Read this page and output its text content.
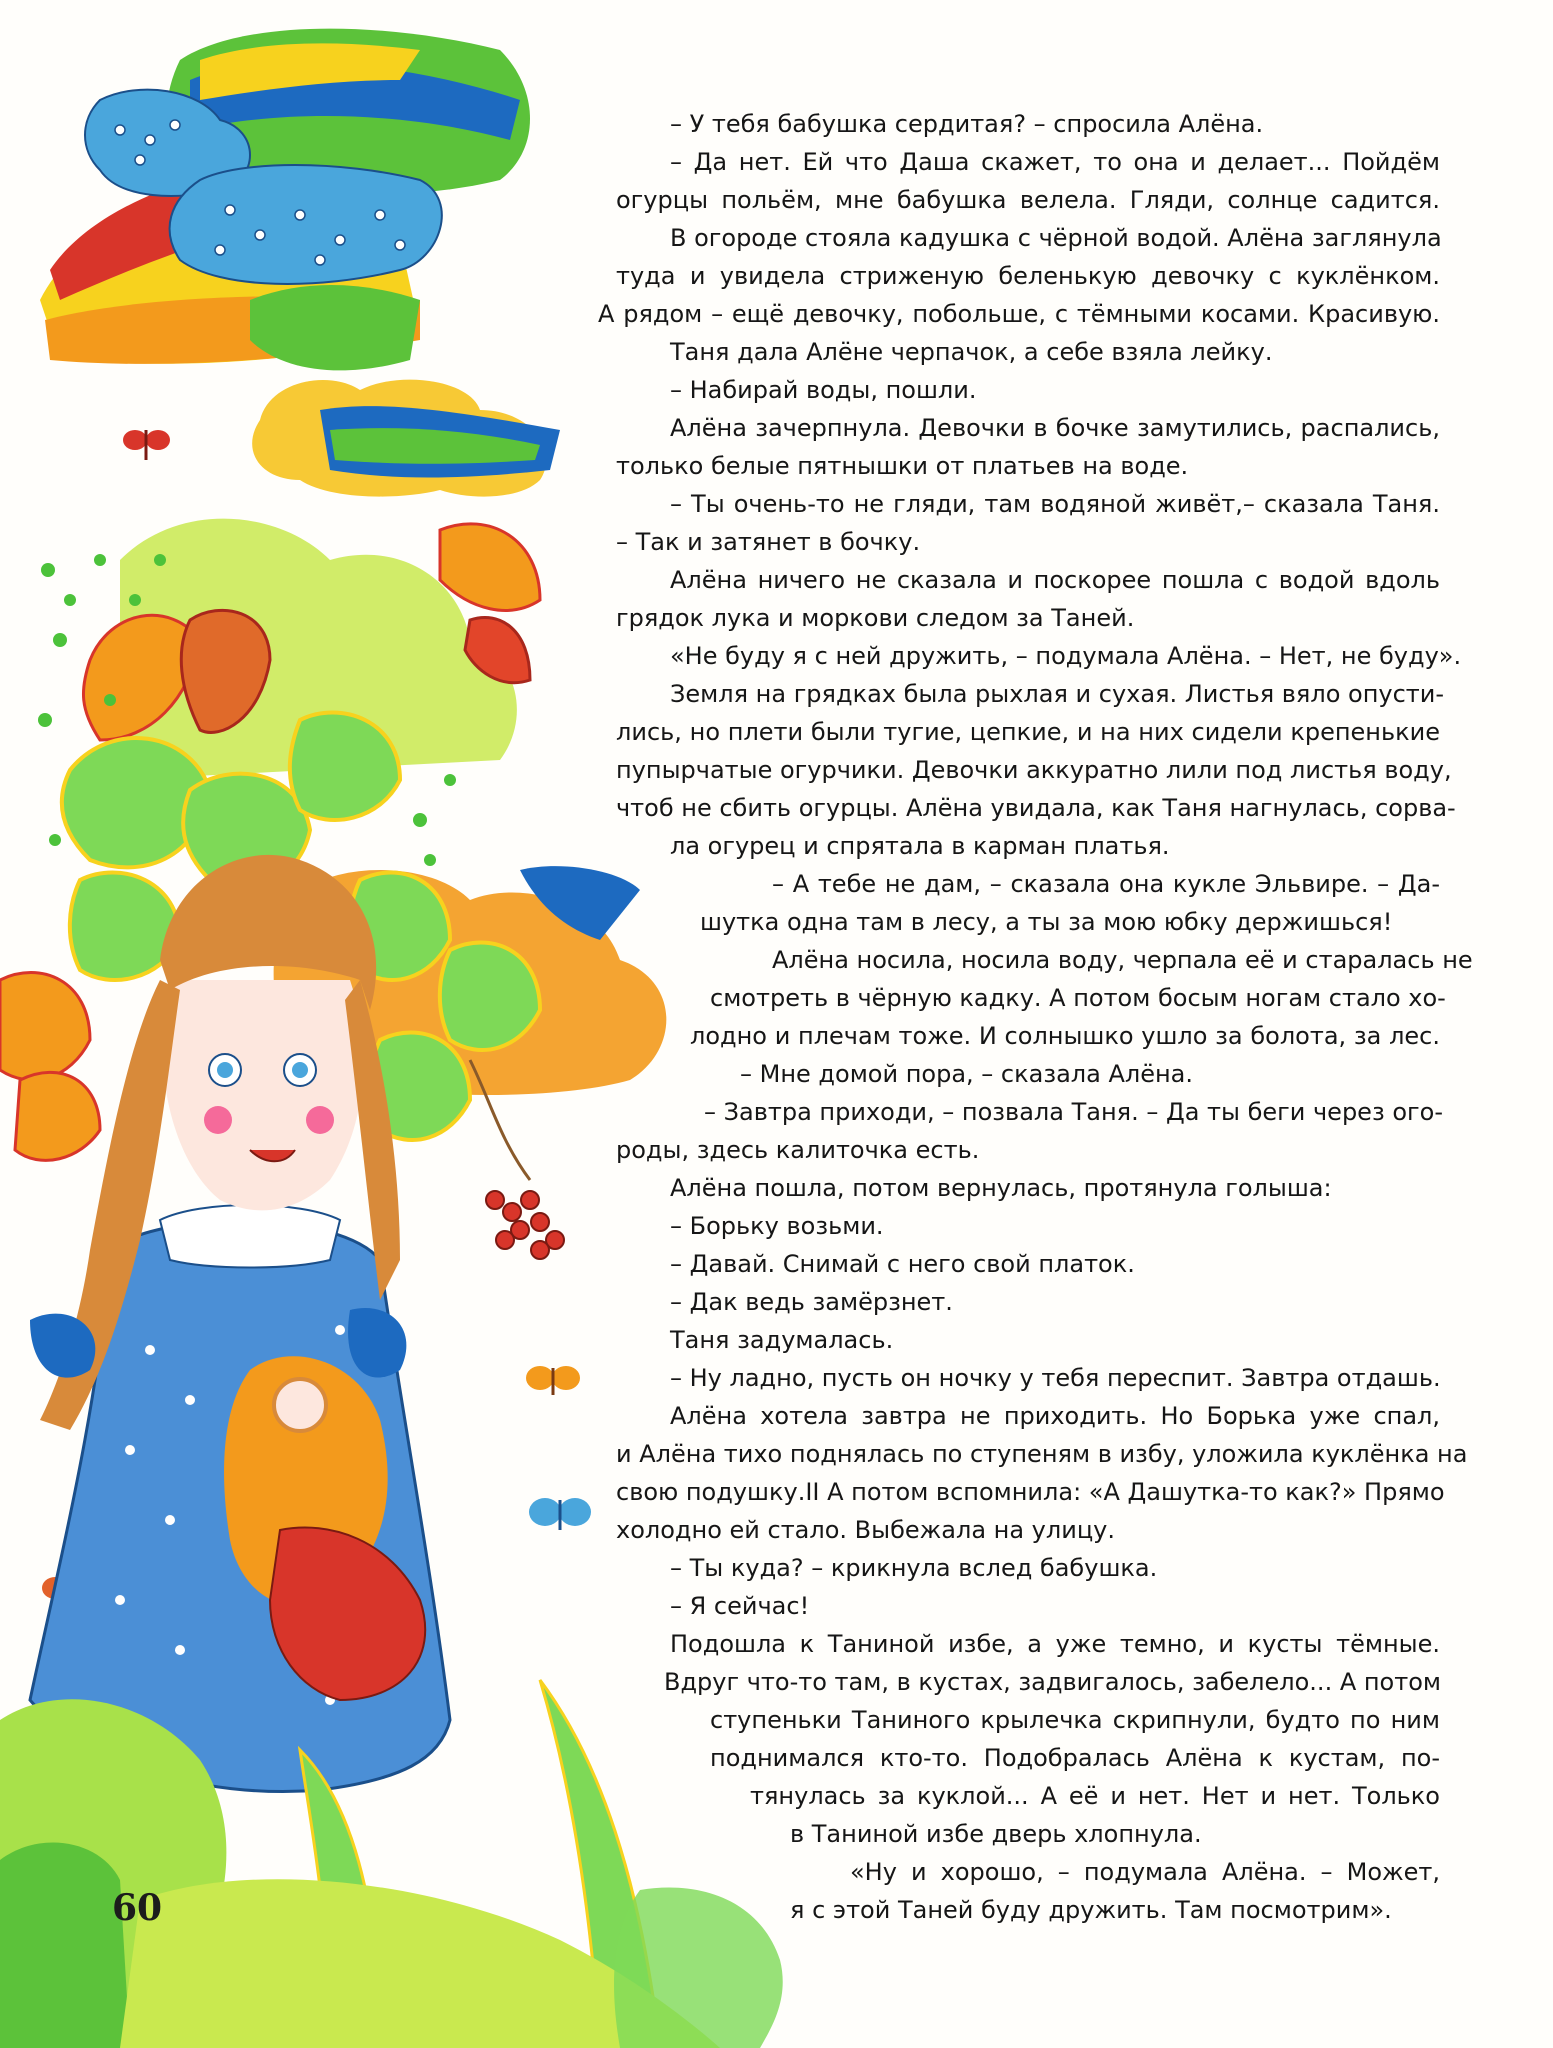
– У тебя бабушка сердитая? – спросила Алёна.

– Да нет. Ей что Даша скажет, то она и делает... Пойдём

огурцы польём, мне бабушка велела. Гляди, солнце садится.

В огороде стояла кадушка с чёрной водой. Алёна заглянула

туда и увидела стриженую беленькую девочку с куклёнком.

А рядом – ещё девочку, побольше, с тёмными косами. Красивую.

Таня дала Алёне черпачок, а себе взяла лейку.

– Набирай воды, пошли.

Алёна зачерпнула. Девочки в бочке замутились, распались,

только белые пятнышки от платьев на воде.

– Ты очень-то не гляди, там водяной живёт,– сказала Таня.

– Так и затянет в бочку.

Алёна ничего не сказала и поскорее пошла с водой вдоль

грядок лука и моркови следом за Таней.

«Не буду я с ней дружить, – подумала Алёна. – Нет, не буду».

Земля на грядках была рыхлая и сухая. Листья вяло опусти-

лись, но плети были тугие, цепкие, и на них сидели крепенькие

пупырчатые огурчики. Девочки аккуратно лили под листья воду,

чтоб не сбить огурцы. Алёна увидала, как Таня нагнулась, сорва-

ла огурец и спрятала в карман платья.

– А тебе не дам, – сказала она кукле Эльвире. – Да-

шутка одна там в лесу, а ты за мою юбку держишься!

Алёна носила, носила воду, черпала её и старалась не

смотреть в чёрную кадку. А потом босым ногам стало хо-

лодно и плечам тоже. И солнышко ушло за болота, за лес.

– Мне домой пора, – сказала Алёна.

– Завтра приходи, – позвала Таня. – Да ты беги через ого-

роды, здесь калиточка есть.

Алёна пошла, потом вернулась, протянула голыша:

– Борьку возьми.

– Давай. Снимай с него свой платок.

– Дак ведь замёрзнет.

Таня задумалась.

– Ну ладно, пусть он ночку у тебя переспит. Завтра отдашь.

Алёна хотела завтра не приходить. Но Борька уже спал,

и Алёна тихо поднялась по ступеням в избу, уложила куклёнка на

свою подушку.II А потом вспомнила: «А Дашутка-то как?» Прямо

холодно ей стало. Выбежала на улицу.

– Ты куда? – крикнула вслед бабушка.

– Я сейчас!

Подошла к Таниной избе, а уже темно, и кусты тёмные.

Вдруг что-то там, в кустах, задвигалось, забелело... А потом

ступеньки Таниного крылечка скрипнули, будто по ним

поднимался кто-то. Подобралась Алёна к кустам, по-

тянулась за куклой... А её и нет. Нет и нет. Только

в Таниной избе дверь хлопнула.

«Ну и хорошо, – подумала Алёна. – Может,

я с этой Таней буду дружить. Там посмотрим».

60
